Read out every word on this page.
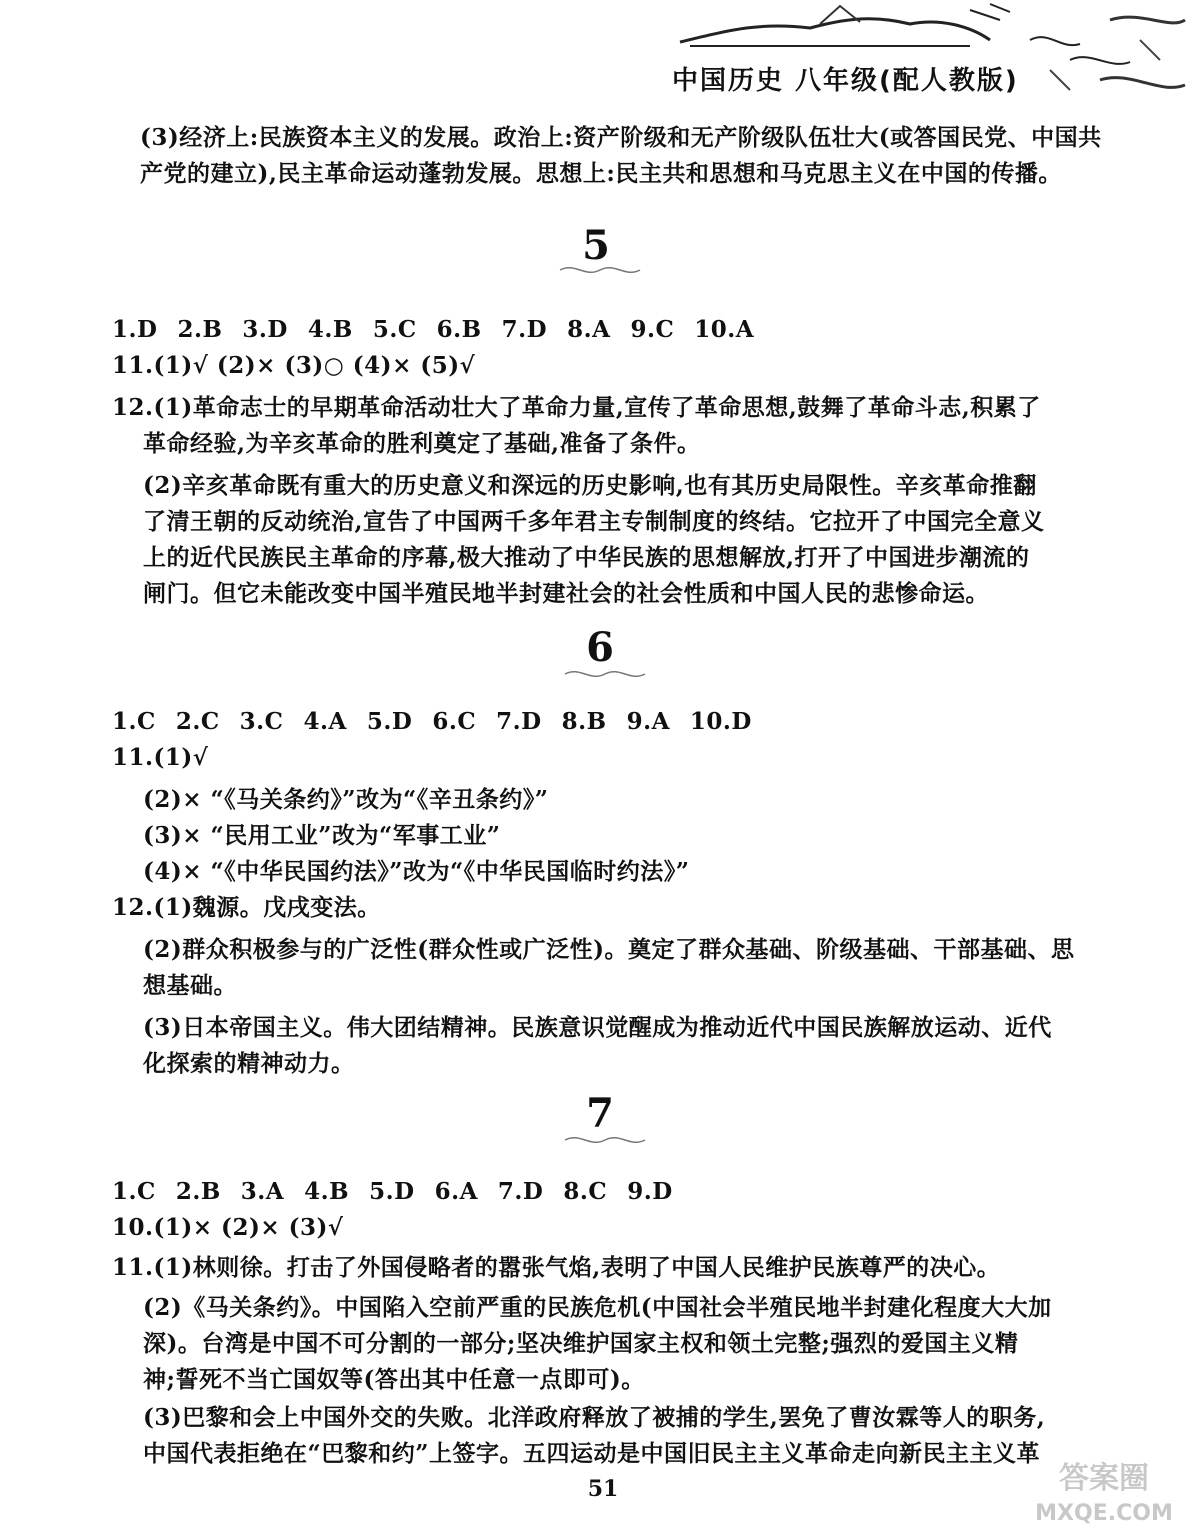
中国历史 八年级(配人教版)
(3)经济上:民族资本主义的发展。政治上:资产阶级和无产阶级队伍壮大(或答国民党、中国共
产党的建立),民主革命运动蓬勃发展。思想上:民主共和思想和马克思主义在中国的传播。
5
1.D 2.B 3.D 4.B 5.C 6.B 7.D 8.A 9.C 10.A
11.(1)√ (2)× (3)○ (4)× (5)√
12.(1)革命志士的早期革命活动壮大了革命力量,宣传了革命思想,鼓舞了革命斗志,积累了
革命经验,为辛亥革命的胜利奠定了基础,准备了条件。
(2)辛亥革命既有重大的历史意义和深远的历史影响,也有其历史局限性。辛亥革命推翻
了清王朝的反动统治,宣告了中国两千多年君主专制制度的终结。它拉开了中国完全意义
上的近代民族民主革命的序幕,极大推动了中华民族的思想解放,打开了中国进步潮流的
闸门。但它未能改变中国半殖民地半封建社会的社会性质和中国人民的悲惨命运。
6
1.C 2.C 3.C 4.A 5.D 6.C 7.D 8.B 9.A 10.D
11.(1)√
(2)× “《马关条约》”改为“《辛丑条约》”
(3)× “民用工业”改为“军事工业”
(4)× “《中华民国约法》”改为“《中华民国临时约法》”
12.(1)魏源。戊戌变法。
(2)群众积极参与的广泛性(群众性或广泛性)。奠定了群众基础、阶级基础、干部基础、思
想基础。
(3)日本帝国主义。伟大团结精神。民族意识觉醒成为推动近代中国民族解放运动、近代
化探索的精神动力。
7
1.C 2.B 3.A 4.B 5.D 6.A 7.D 8.C 9.D
10.(1)× (2)× (3)√
11.(1)林则徐。打击了外国侵略者的嚣张气焰,表明了中国人民维护民族尊严的决心。
(2)《马关条约》。中国陷入空前严重的民族危机(中国社会半殖民地半封建化程度大大加
深)。台湾是中国不可分割的一部分;坚决维护国家主权和领土完整;强烈的爱国主义精
神;誓死不当亡国奴等(答出其中任意一点即可)。
(3)巴黎和会上中国外交的失败。北洋政府释放了被捕的学生,罢免了曹汝霖等人的职务,
中国代表拒绝在“巴黎和约”上签字。五四运动是中国旧民主主义革命走向新民主主义革
51	答案圈
MXQE.COM
